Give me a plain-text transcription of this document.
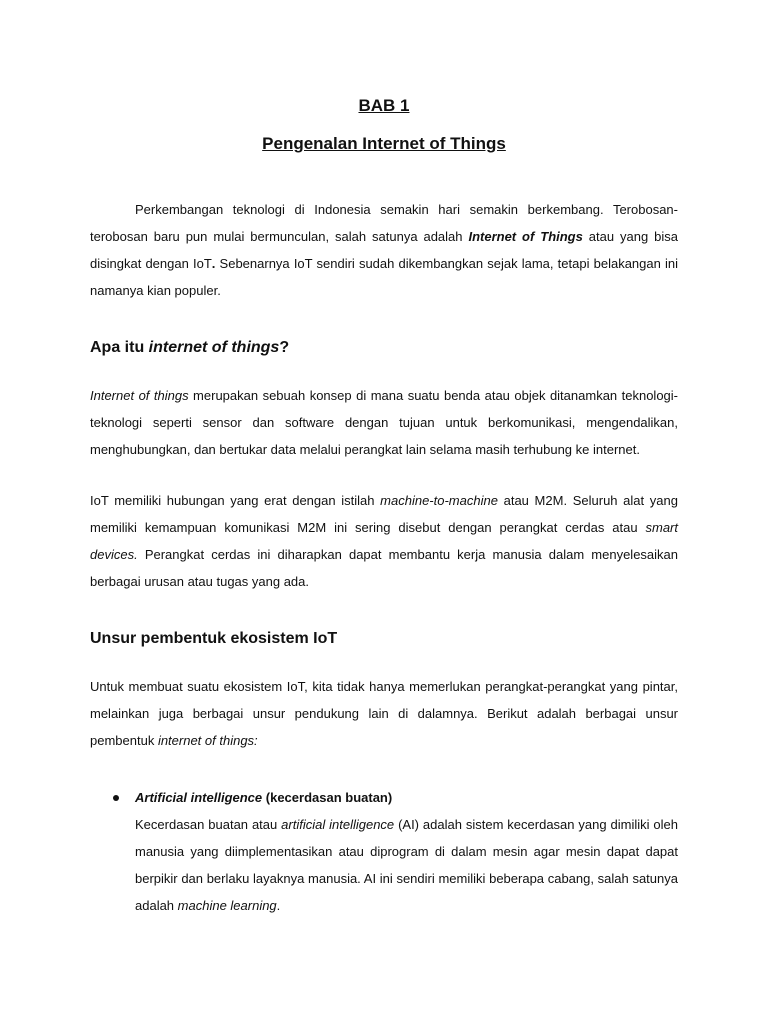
BAB 1
Pengenalan Internet of Things

Perkembangan teknologi di Indonesia semakin hari semakin berkembang. Terobosan-terobosan baru pun mulai bermunculan, salah satunya adalah Internet of Things atau yang bisa disingkat dengan IoT. Sebenarnya IoT sendiri sudah dikembangkan sejak lama, tetapi belakangan ini namanya kian populer.

Apa itu internet of things?

Internet of things merupakan sebuah konsep di mana suatu benda atau objek ditanamkan teknologi-teknologi seperti sensor dan software dengan tujuan untuk berkomunikasi, mengendalikan, menghubungkan, dan bertukar data melalui perangkat lain selama masih terhubung ke internet.

IoT memiliki hubungan yang erat dengan istilah machine-to-machine atau M2M. Seluruh alat yang memiliki kemampuan komunikasi M2M ini sering disebut dengan perangkat cerdas atau smart devices. Perangkat cerdas ini diharapkan dapat membantu kerja manusia dalam menyelesaikan berbagai urusan atau tugas yang ada.

Unsur pembentuk ekosistem IoT

Untuk membuat suatu ekosistem IoT, kita tidak hanya memerlukan perangkat-perangkat yang pintar, melainkan juga berbagai unsur pendukung lain di dalamnya. Berikut adalah berbagai unsur pembentuk internet of things:

Artificial intelligence (kecerdasan buatan)

Kecerdasan buatan atau artificial intelligence (AI) adalah sistem kecerdasan yang dimiliki oleh manusia yang diimplementasikan atau diprogram di dalam mesin agar mesin dapat dapat berpikir dan berlaku layaknya manusia. AI ini sendiri memiliki beberapa cabang, salah satunya adalah machine learning.
